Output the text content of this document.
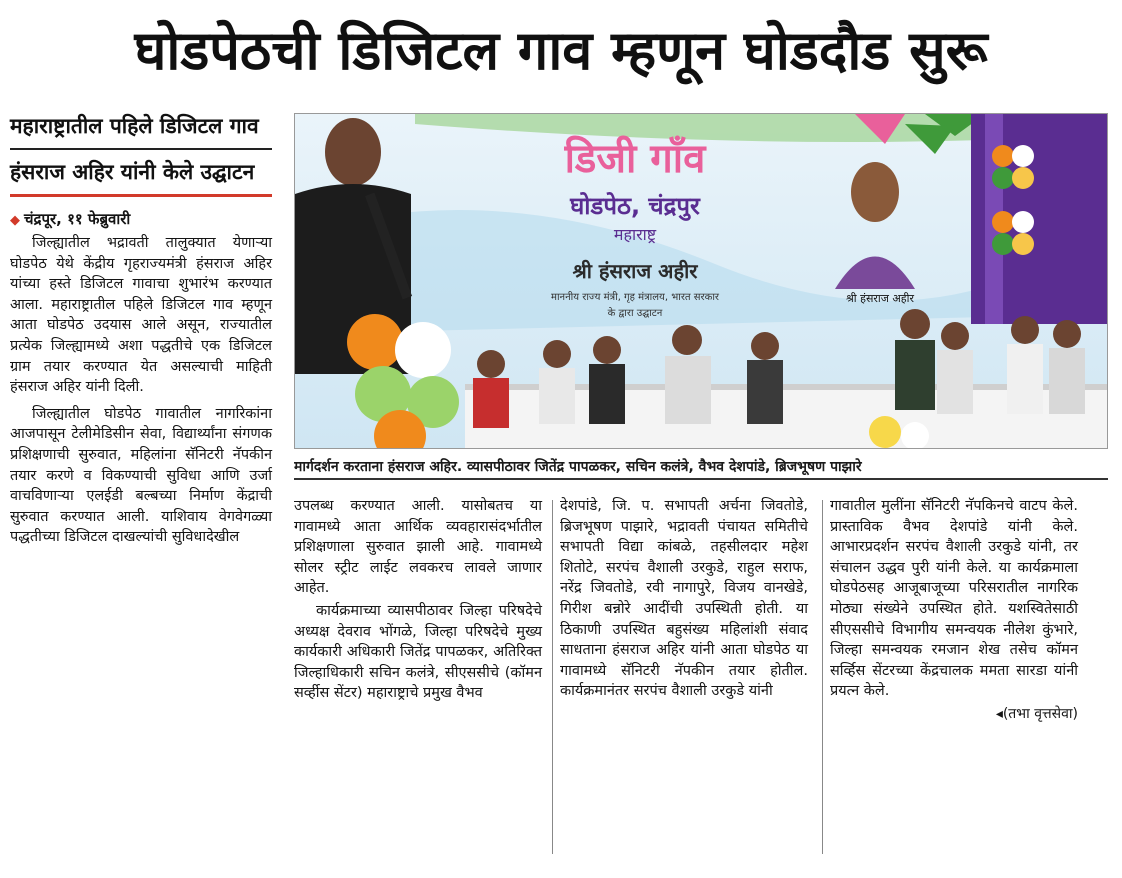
घोडपेठची डिजिटल गाव म्हणून घोडदौड सुरू
महाराष्ट्रातील पहिले डिजिटल गाव
हंसराज अहिर यांनी केले उद्घाटन
◆ चंद्रपूर, ११ फेब्रुवारी

जिल्ह्यातील भद्रावती तालुक्यात येणाऱ्या घोडपेठ येथे केंद्रीय गृहराज्यमंत्री हंसराज अहिर यांच्या हस्ते डिजिटल गावाचा शुभारंभ करण्यात आला. महाराष्ट्रातील पहिले डिजिटल गाव म्हणून आता घोडपेठ उदयास आले असून, राज्यातील प्रत्येक जिल्ह्यामध्ये अशा पद्धतीचे एक डिजिटल ग्राम तयार करण्यात येत असल्याची माहिती हंसराज अहिर यांनी दिली.

जिल्ह्यातील घोडपेठ गावातील नागरिकांना आजपासून टेलीमेडिसीन सेवा, विद्यार्थ्यांना संगणक प्रशिक्षणाची सुरुवात, महिलांना सॅनिटरी नॅपकीन तयार करणे व विकण्याची सुविधा आणि उर्जा वाचविणाऱ्या एलईडी बल्बच्या निर्माण केंद्राची सुरुवात करण्यात आली. याशिवाय वेगवेगळ्या पद्धतीच्या डिजिटल दाखल्यांची सुविधादेखील

डिजी गाँव
घोडपेठ, चंद्रपुर
महाराष्ट्र
श्री हंसराज अहीर
माननीय राज्य मंत्री, गृह मंत्रालय, भारत सरकार
के द्वारा उद्घाटन
श्री हंसराज अहीर
मार्गदर्शन करताना हंसराज अहिर. व्यासपीठावर जितेंद्र पापळकर, सचिन कलंत्रे, वैभव देशपांडे, ब्रिजभूषण पाझारे

उपलब्ध करण्यात आली. यासोबतच या गावामध्ये आता आर्थिक व्यवहारासंदर्भातील प्रशिक्षणाला सुरुवात झाली आहे. गावामध्ये सोलर स्ट्रीट लाईट लवकरच लावले जाणार आहेत.

कार्यक्रमाच्या व्यासपीठावर जिल्हा परिषदेचे अध्यक्ष देवराव भोंगळे, जिल्हा परिषदेचे मुख्य कार्यकारी अधिकारी जितेंद्र पापळकर, अतिरिक्त जिल्हाधिकारी सचिन कलंत्रे, सीएससीचे (कॉमन सर्व्हीस सेंटर) महाराष्ट्राचे प्रमुख वैभव

देशपांडे, जि. प. सभापती अर्चना जिवतोडे, ब्रिजभूषण पाझारे, भद्रावती पंचायत समितीचे सभापती विद्या कांबळे, तहसीलदार महेश शितोटे, सरपंच वैशाली उरकुडे, राहुल सराफ, नरेंद्र जिवतोडे, रवी नागापुरे, विजय वानखेडे, गिरीश बन्नोरे आदींची उपस्थिती होती. या ठिकाणी उपस्थित बहुसंख्य महिलांशी संवाद साधताना हंसराज अहिर यांनी आता घोडपेठ या गावामध्ये सॅनिटरी नॅपकीन तयार होतील. कार्यक्रमानंतर सरपंच वैशाली उरकुडे यांनी

गावातील मुलींना सॅनिटरी नॅपकिनचे वाटप केले. प्रास्ताविक वैभव देशपांडे यांनी केले. आभारप्रदर्शन सरपंच वैशाली उरकुडे यांनी, तर संचालन उद्धव पुरी यांनी केले. या कार्यक्रमाला घोडपेठसह आजूबाजूच्या परिसरातील नागरिक मोठ्या संख्येने उपस्थित होते. यशस्वितेसाठी सीएससीचे विभागीय समन्वयक नीलेश कुंभारे, जिल्हा समन्वयक रमजान शेख तसेच कॉमन सर्व्हिस सेंटरच्या केंद्रचालक ममता सारडा यांनी प्रयत्न केले.

◂(तभा वृत्तसेवा)
